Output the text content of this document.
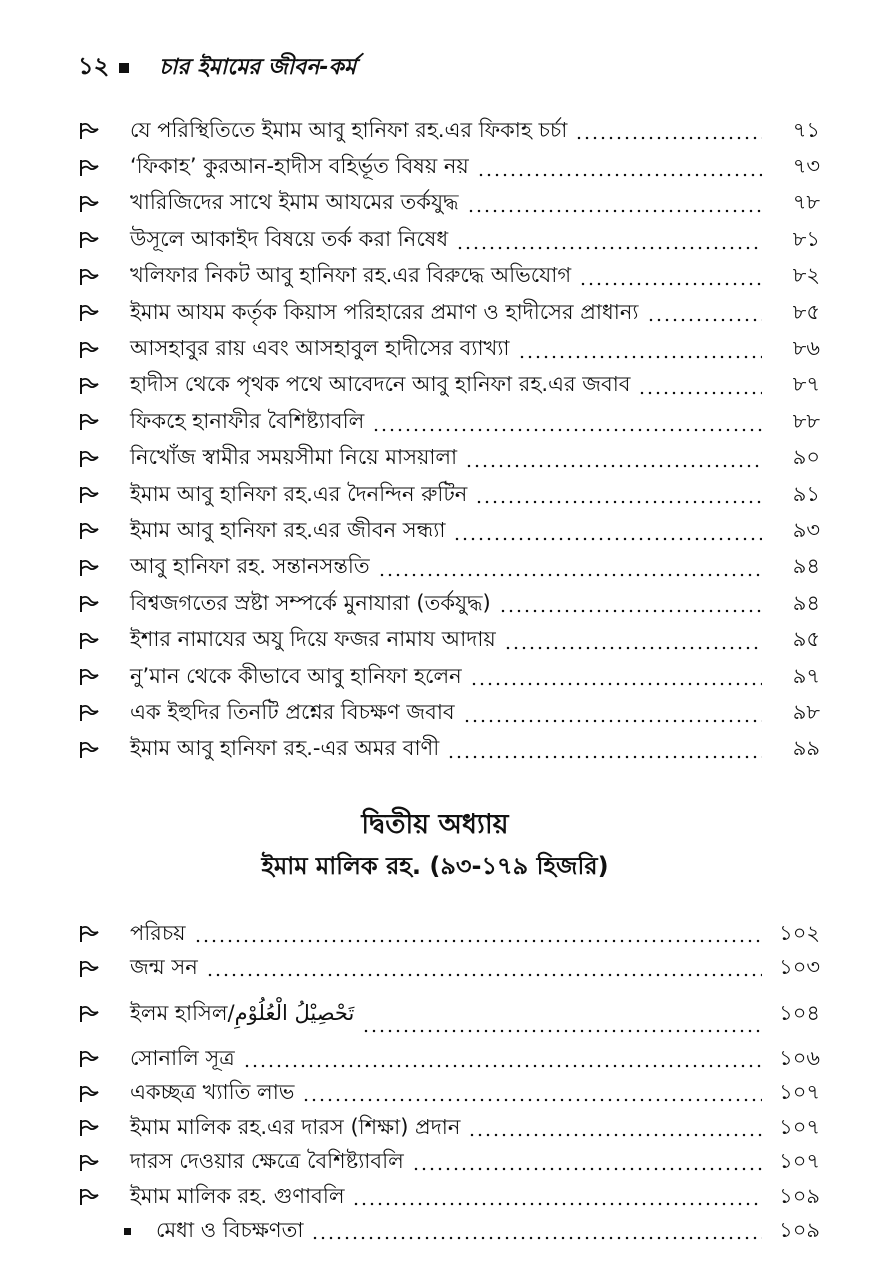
১২ চার ইমামের জীবন-কর্ম
যে পরিস্থিতিতে ইমাম আবু হানিফা রহ.এর ফিকাহ চর্চা	৭১
‘ফিকাহ’ কুরআন-হাদীস বহির্ভূত বিষয় নয়	৭৩
খারিজিদের সাথে ইমাম আযমের তর্কযুদ্ধ	৭৮
উসূলে আকাইদ বিষয়ে তর্ক করা নিষেধ	৮১
খলিফার নিকট আবু হানিফা রহ.এর বিরুদ্ধে অভিযোগ	৮২
ইমাম আযম কর্তৃক কিয়াস পরিহারের প্রমাণ ও হাদীসের প্রাধান্য	৮৫
আসহাবুর রায় এবং আসহাবুল হাদীসের ব্যাখ্যা	৮৬
হাদীস থেকে পৃথক পথে আবেদনে আবু হানিফা রহ.এর জবাব	৮৭
ফিকহে হানাফীর বৈশিষ্ট্যাবলি	৮৮
নিখোঁজ স্বামীর সময়সীমা নিয়ে মাসয়ালা	৯০
ইমাম আবু হানিফা রহ.এর দৈনন্দিন রুটিন	৯১
ইমাম আবু হানিফা রহ.এর জীবন সন্ধ্যা	৯৩
আবু হানিফা রহ. সন্তানসন্ততি	৯৪
বিশ্বজগতের স্রষ্টা সম্পর্কে মুনাযারা (তর্কযুদ্ধ)	৯৪
ইশার নামাযের অযু দিয়ে ফজর নামায আদায়	৯৫
নু’মান থেকে কীভাবে আবু হানিফা হলেন	৯৭
এক ইহুদির তিনটি প্রশ্নের বিচক্ষণ জবাব	৯৮
ইমাম আবু হানিফা রহ.-এর অমর বাণী	৯৯
দ্বিতীয় অধ্যায়
ইমাম মালিক রহ. (৯৩-১৭৯ হিজরি)
পরিচয়	১০২
জন্ম সন	১০৩
ইলম হাসিল/تَحْصِيْلُ الْعُلُوْمِ	১০৪
সোনালি সূত্র	১০৬
একচ্ছত্র খ্যাতি লাভ	১০৭
ইমাম মালিক রহ.এর দারস (শিক্ষা) প্রদান	১০৭
দারস দেওয়ার ক্ষেত্রে বৈশিষ্ট্যাবলি	১০৭
ইমাম মালিক রহ. গুণাবলি	১০৯
মেধা ও বিচক্ষণতা	১০৯
